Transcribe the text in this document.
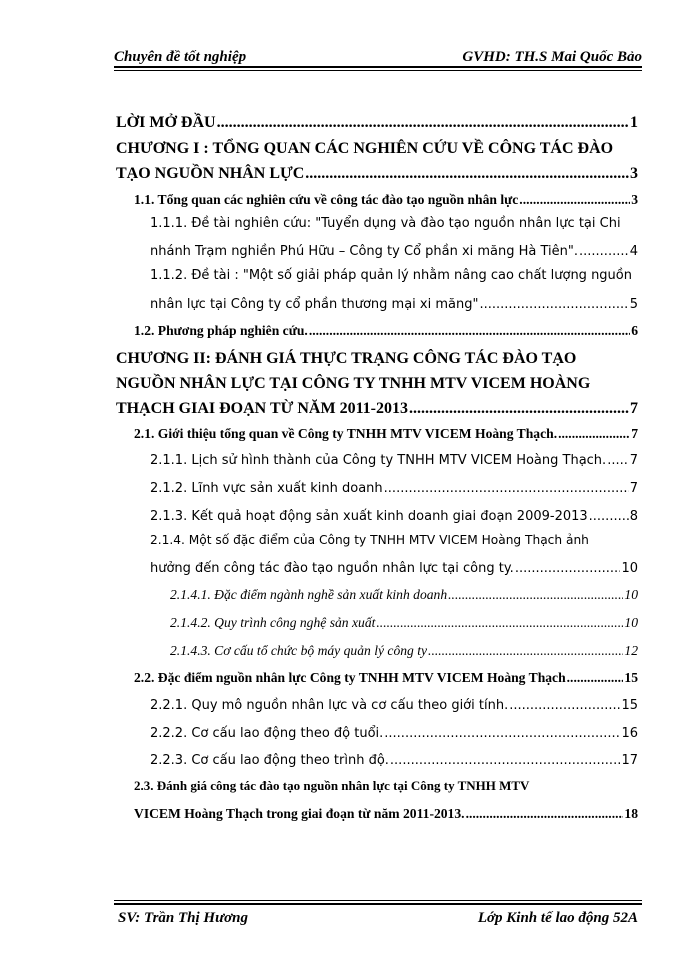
Chuyên đề tốt nghiệp	GVHD: TH.S Mai Quốc Bảo
LỜI MỞ ĐẦU .....	1
CHƯƠNG I : TỔNG QUAN CÁC NGHIÊN CỨU VỀ CÔNG TÁC ĐÀO
TẠO NGUỒN NHÂN LỰC .....	3
1.1. Tổng quan các nghiên cứu về công tác đào tạo nguồn nhân lực .....	3
1.1.1. Đề tài nghiên cứu: "Tuyển dụng và đào tạo nguồn nhân lực tại Chi
nhánh Trạm nghiền Phú Hữu – Công ty Cổ phần xi măng Hà Tiên". .....	4
1.1.2. Đề tài : "Một số giải pháp quản lý nhằm nâng cao chất lượng nguồn
nhân lực tại Công ty cổ phần thương mại xi măng" .....	5
1.2. Phương pháp nghiên cứu. .....	6
CHƯƠNG II: ĐÁNH GIÁ THỰC TRẠNG CÔNG TÁC ĐÀO TẠO
NGUỒN NHÂN LỰC TẠI CÔNG TY TNHH MTV VICEM HOÀNG
THẠCH GIAI ĐOẠN TỪ NĂM 2011-2013 .....	7
2.1. Giới thiệu tổng quan về Công ty TNHH MTV VICEM Hoàng Thạch. .....	7
2.1.1. Lịch sử hình thành của Công ty TNHH MTV VICEM Hoàng Thạch. ..... 7
2.1.2. Lĩnh vực sản xuất kinh doanh .....	7
2.1.3. Kết quả hoạt động sản xuất kinh doanh giai đoạn 2009-2013 .....	8
2.1.4. Một số đặc điểm của Công ty TNHH MTV VICEM Hoàng Thạch ảnh
hưởng đến công tác đào tạo nguồn nhân lực tại công ty. .....	10
2.1.4.1. Đặc điểm ngành nghề sản xuất kinh doanh .....	10
2.1.4.2. Quy trình công nghệ sản xuất .....	10
2.1.4.3. Cơ cấu tổ chức bộ máy quản lý công ty .....	12
2.2. Đặc điểm nguồn nhân lực Công ty TNHH MTV VICEM Hoàng Thạch .....	15
2.2.1. Quy mô nguồn nhân lực và cơ cấu theo giới tính. .....	15
2.2.2. Cơ cấu lao động theo độ tuổi. .....	16
2.2.3. Cơ cấu lao động theo trình độ. .....	17
2.3. Đánh giá công tác đào tạo nguồn nhân lực tại Công ty TNHH MTV
VICEM Hoàng Thạch trong giai đoạn từ năm 2011-2013. .....	18
SV: Trần Thị Hương	Lớp Kinh tế lao động 52A
